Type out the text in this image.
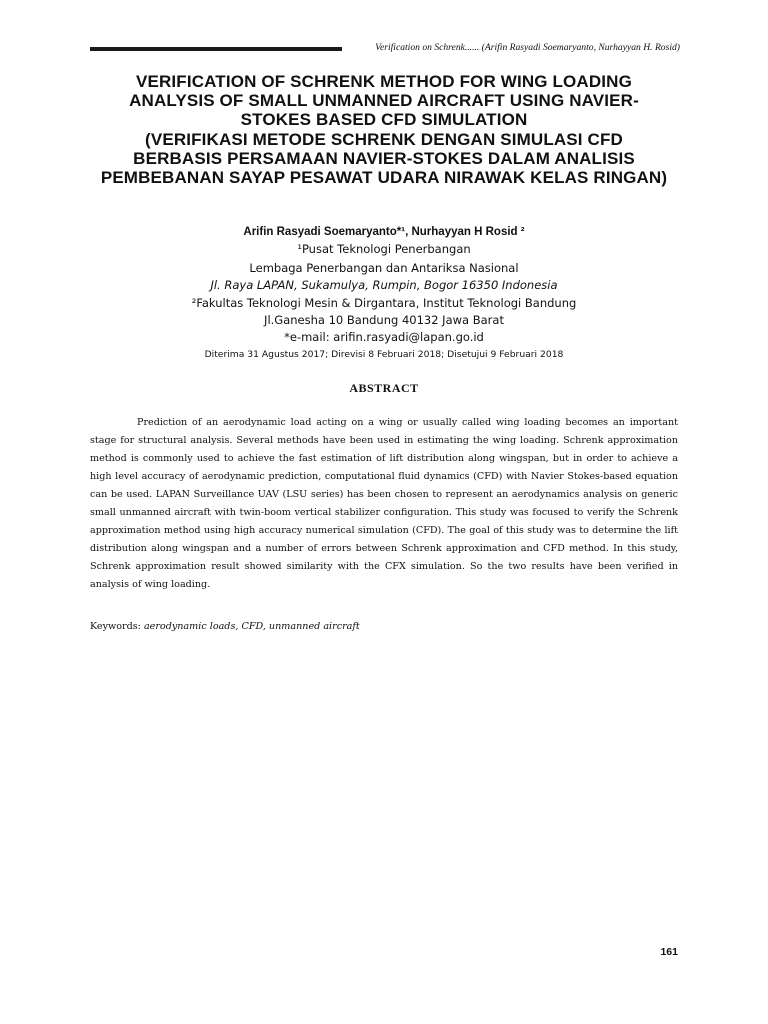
Verification on Schrenk...... (Arifin Rasyadi Soemaryanto, Nurhayyan H. Rosid)
VERIFICATION OF SCHRENK METHOD FOR WING LOADING
ANALYSIS OF SMALL UNMANNED AIRCRAFT USING NAVIER-
STOKES BASED CFD SIMULATION
(VERIFIKASI METODE SCHRENK DENGAN SIMULASI CFD
BERBASIS PERSAMAAN NAVIER-STOKES DALAM ANALISIS
PEMBEBANAN SAYAP PESAWAT UDARA NIRAWAK KELAS RINGAN)
Arifin Rasyadi Soemaryanto*¹, Nurhayyan H Rosid ²
¹Pusat Teknologi Penerbangan
Lembaga Penerbangan dan Antariksa Nasional
Jl. Raya LAPAN, Sukamulya, Rumpin, Bogor 16350 Indonesia
²Fakultas Teknologi Mesin & Dirgantara, Institut Teknologi Bandung
Jl.Ganesha 10 Bandung 40132 Jawa Barat
*e-mail: arifin.rasyadi@lapan.go.id
Diterima 31 Agustus 2017; Direvisi 8 Februari 2018; Disetujui 9 Februari 2018
ABSTRACT
Prediction of an aerodynamic load acting on a wing or usually called wing loading becomes an important stage for structural analysis. Several methods have been used in estimating the wing loading. Schrenk approximation method is commonly used to achieve the fast estimation of lift distribution along wingspan, but in order to achieve a high level accuracy of aerodynamic prediction, computational fluid dynamics (CFD) with Navier Stokes-based equation can be used. LAPAN Surveillance UAV (LSU series) has been chosen to represent an aerodynamics analysis on generic small unmanned aircraft with twin-boom vertical stabilizer configuration. This study was focused to verify the Schrenk approximation method using high accuracy numerical simulation (CFD). The goal of this study was to determine the lift distribution along wingspan and a number of errors between Schrenk approximation and CFD method. In this study, Schrenk approximation result showed similarity with the CFX simulation. So the two results have been verified in analysis of wing loading.
Keywords: aerodynamic loads, CFD, unmanned aircraft
161
